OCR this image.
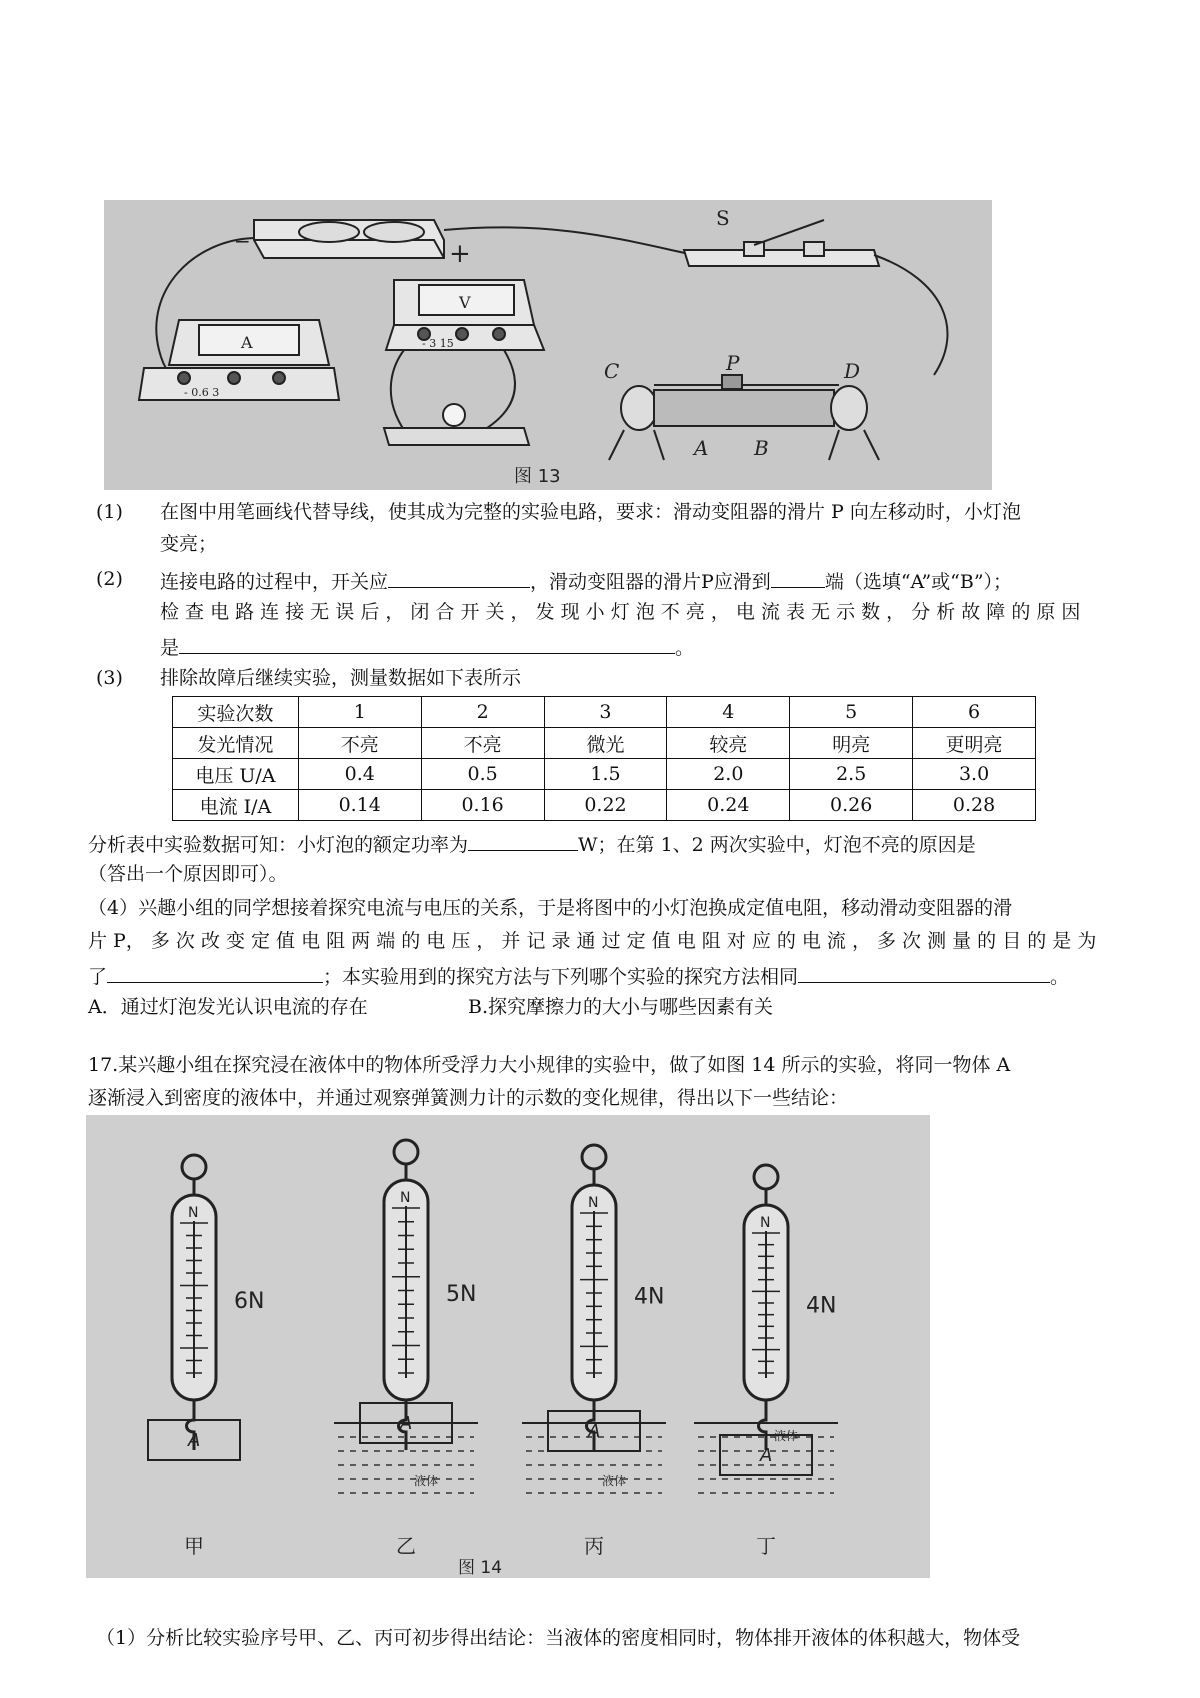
S
−	+
C	P	D
A B
A
V
- 0.6 3
- 3 15
图 13
(1) 在图中用笔画线代替导线，使其成为完整的实验电路，要求：滑动变阻器的滑片 P 向左移动时，小灯泡
变亮；
(2) 连接电路的过程中，开关应	，滑动变阻器的滑片P应滑到	端（选填“A”或“B”）；
检 查 电 路 连 接 无 误 后 ， 闭 合 开 关 ， 发 现 小 灯 泡 不 亮 ， 电 流 表 无 示 数 ， 分 析 故 障 的 原 因
是	。
(3) 排除故障后继续实验，测量数据如下表所示
实验次数	1	2	3	4	5	6
发光情况	不亮	不亮	微光	较亮	明亮	更明亮
电压 U/A	0.4	0.5	1.5	2.0	2.5	3.0
电流 I/A	0.14	0.16	0.22	0.24	0.26	0.28
分析表中实验数据可知：小灯泡的额定功率为	W；在第 1、2 两次实验中，灯泡不亮的原因是
（答出一个原因即可）。
（4）兴趣小组的同学想接着探究电流与电压的关系，于是将图中的小灯泡换成定值电阻，移动滑动变阻器的滑
片 P， 多 次 改 变 定 值 电 阻 两 端 的 电 压 ， 并 记 录 通 过 定 值 电 阻 对 应 的 电 流 ， 多 次 测 量 的 目 的 是 为
了	；本实验用到的探究方法与下列哪个实验的探究方法相同	。
A．通过灯泡发光认识电流的存在	B.探究摩擦力的大小与哪些因素有关
17.某兴趣小组在探究浸在液体中的物体所受浮力大小规律的实验中，做了如图 14 所示的实验，将同一物体 A
逐渐浸入到密度的液体中，并通过观察弹簧测力计的示数的变化规律，得出以下一些结论：
N
6N
A
甲
N
5N
液体
A
乙
N
4N
液体
A
丙
N
4N
液体
A
丁
图 14
（1）分析比较实验序号甲、乙、丙可初步得出结论：当液体的密度相同时，物体排开液体的体积越大，物体受
